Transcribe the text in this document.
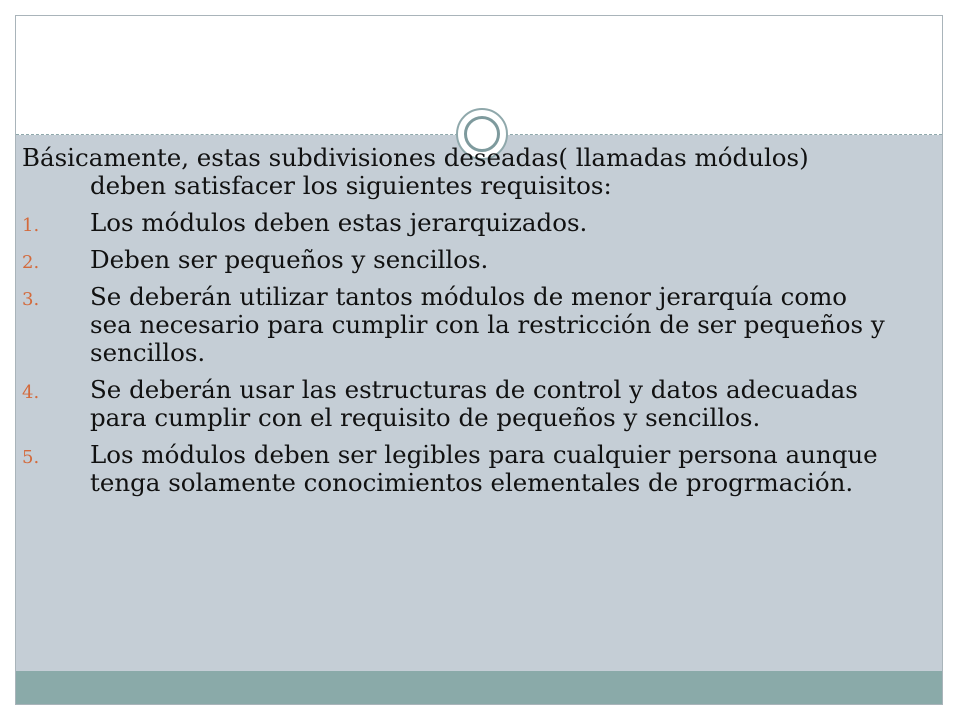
Básicamente, estas subdivisiones deseadas( llamadas módulos) deben satisfacer los siguientes requisitos:

1. Los módulos deben estas jerarquizados.
2. Deben ser pequeños y sencillos.
3. Se deberán utilizar tantos módulos de menor jerarquía como sea necesario para cumplir con la restricción de ser pequeños y sencillos.
4. Se deberán usar las estructuras de control y datos adecuadas para cumplir con el requisito de pequeños y sencillos.
5. Los módulos deben ser legibles para cualquier persona aunque tenga solamente conocimientos elementales de progrmación.
